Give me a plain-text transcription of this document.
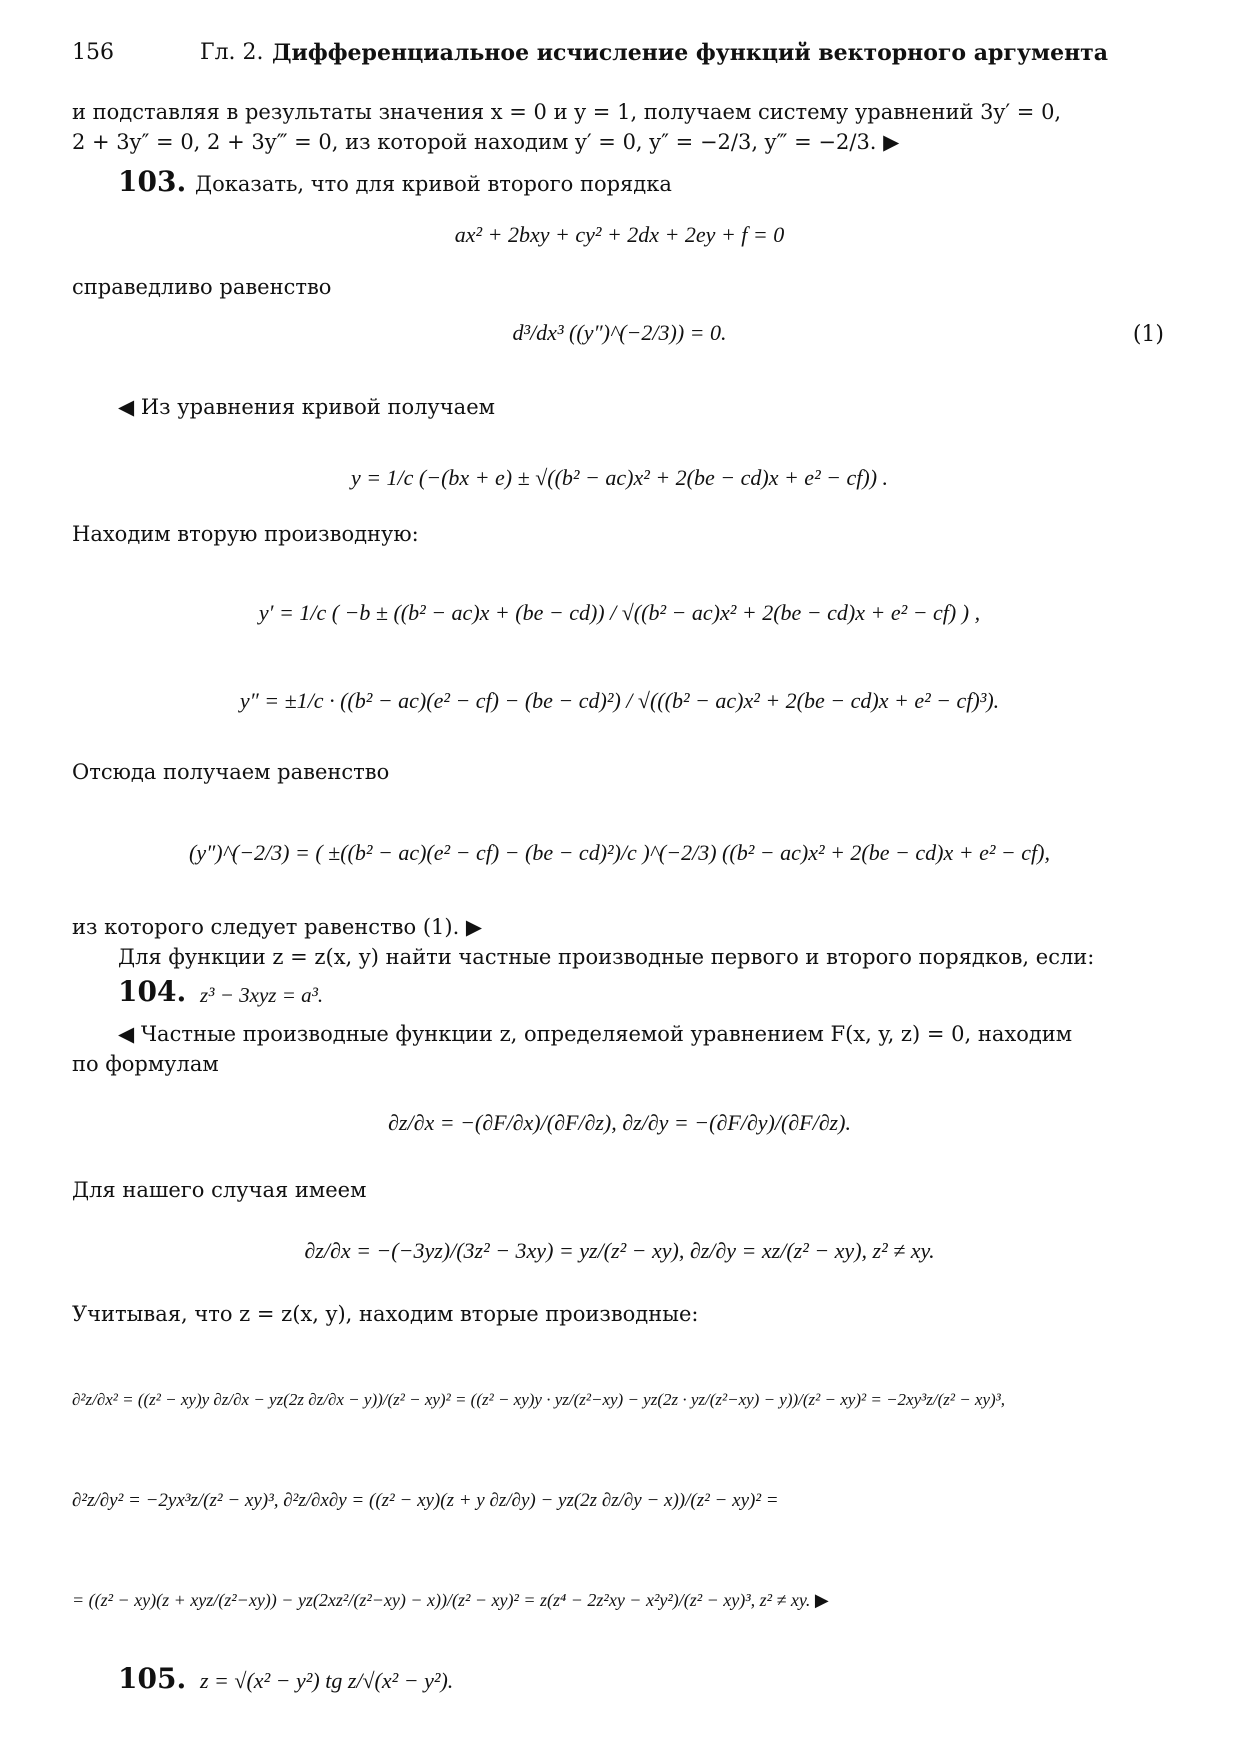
156	Гл. 2. Дифференциальное исчисление функций векторного аргумента
и подставляя в результаты значения x = 0 и y = 1, получаем систему уравнений 3y′ = 0,
2 + 3y″ = 0, 2 + 3y‴ = 0, из которой находим y′ = 0, y″ = −2/3, y‴ = −2/3. ▶
103. Доказать, что для кривой второго порядка
ax² + 2bxy + cy² + 2dx + 2ey + f = 0
справедливо равенство
d³/dx³ ((y″)^(−2/3)) = 0.	(1)
◀ Из уравнения кривой получаем
y = 1/c (−(bx + e) ± √((b² − ac)x² + 2(be − cd)x + e² − cf)) .
Находим вторую производную:
y′ = 1/c ( −b ± ((b² − ac)x + (be − cd)) / √((b² − ac)x² + 2(be − cd)x + e² − cf) ) ,
y″ = ±1/c · ((b² − ac)(e² − cf) − (be − cd)²) / √(((b² − ac)x² + 2(be − cd)x + e² − cf)³).
Отсюда получаем равенство
(y″)^(−2/3) = ( ±((b² − ac)(e² − cf) − (be − cd)²)/c )^(−2/3) ((b² − ac)x² + 2(be − cd)x + e² − cf),
из которого следует равенство (1). ▶
Для функции z = z(x, y) найти частные производные первого и второго порядков, если:
104. z³ − 3xyz = a³.
◀ Частные производные функции z, определяемой уравнением F(x, y, z) = 0, находим
по формулам
∂z/∂x = −(∂F/∂x)/(∂F/∂z), ∂z/∂y = −(∂F/∂y)/(∂F/∂z).
Для нашего случая имеем
∂z/∂x = −(−3yz)/(3z² − 3xy) = yz/(z² − xy), ∂z/∂y = xz/(z² − xy), z² ≠ xy.
Учитывая, что z = z(x, y), находим вторые производные:
∂²z/∂x² = ((z² − xy)y ∂z/∂x − yz(2z ∂z/∂x − y))/(z² − xy)² = ((z² − xy)y · yz/(z²−xy) − yz(2z · yz/(z²−xy) − y))/(z² − xy)² = −2xy³z/(z² − xy)³,
∂²z/∂y² = −2yx³z/(z² − xy)³, ∂²z/∂x∂y = ((z² − xy)(z + y ∂z/∂y) − yz(2z ∂z/∂y − x))/(z² − xy)² =
= ((z² − xy)(z + xyz/(z²−xy)) − yz(2xz²/(z²−xy) − x))/(z² − xy)² = z(z⁴ − 2z²xy − x²y²)/(z² − xy)³, z² ≠ xy. ▶
105. z = √(x² − y²) tg z/√(x² − y²).
